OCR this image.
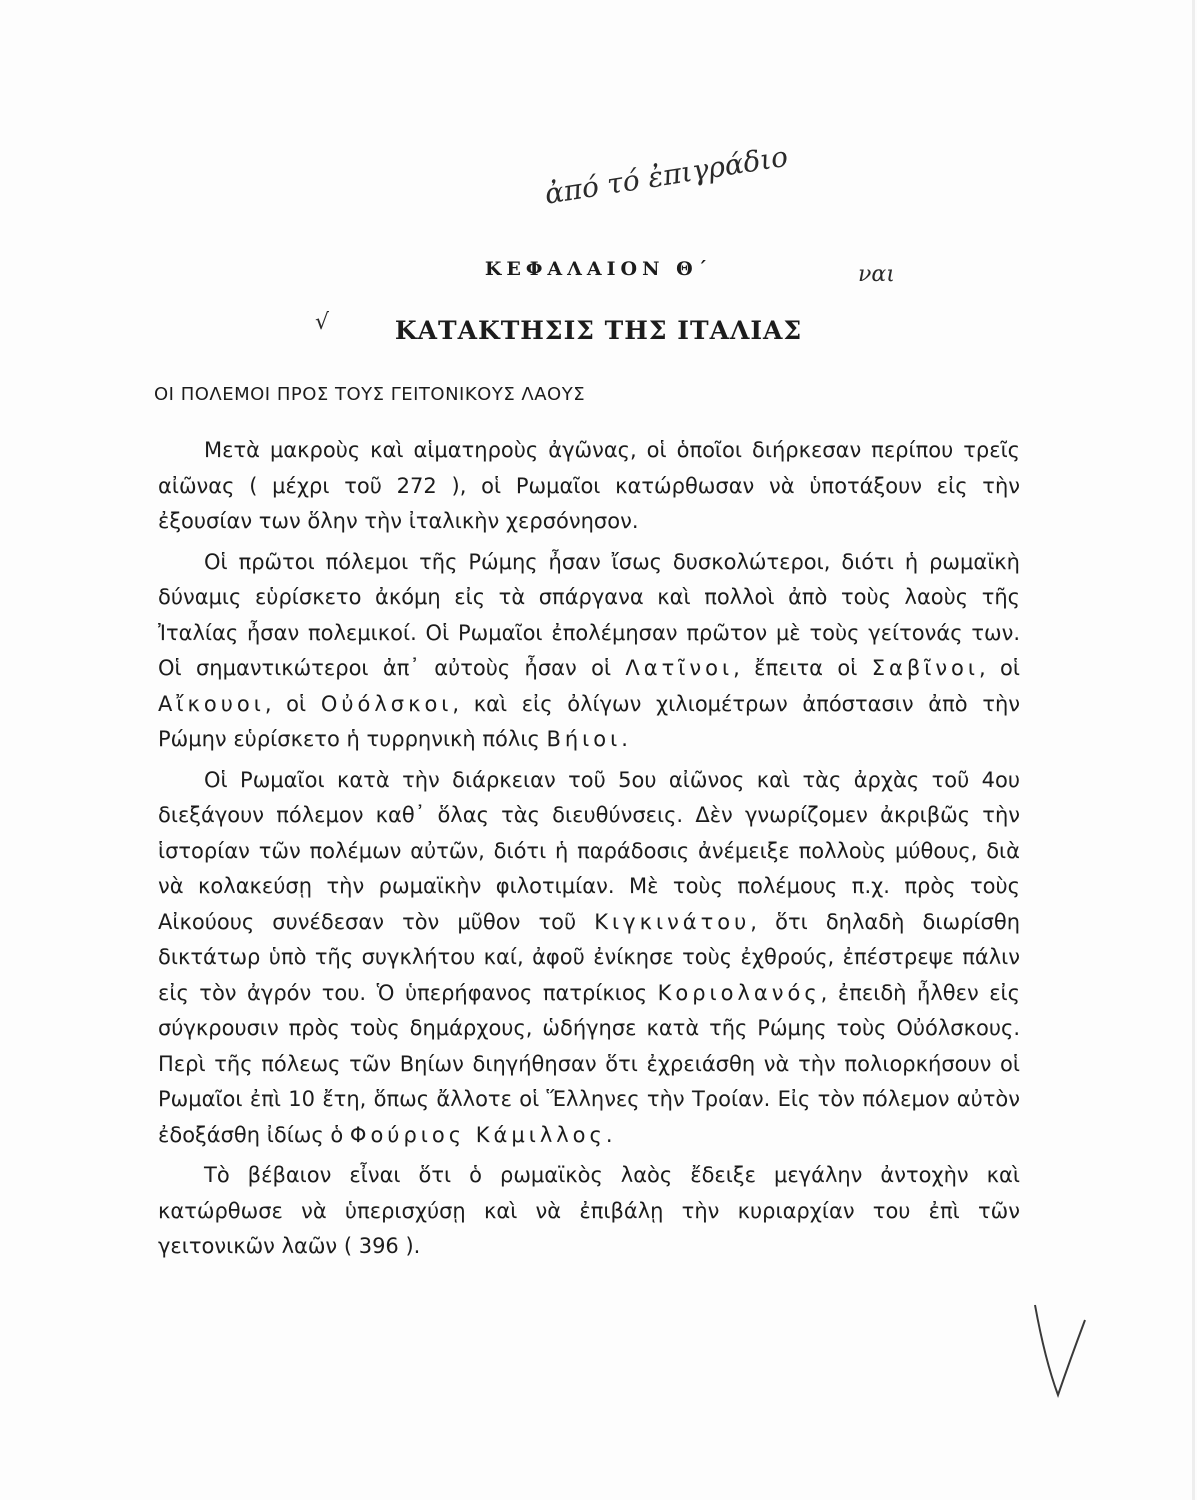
ἀπό τό ἐπιγράδιο
ναι
√
ΚΕΦΑΛΑΙΟΝ Θ΄
ΚΑΤΑΚΤΗΣΙΣ ΤΗΣ ΙΤΑΛΙΑΣ
ΟΙ ΠΟΛΕΜΟΙ ΠΡΟΣ ΤΟΥΣ ΓΕΙΤΟΝΙΚΟΥΣ ΛΑΟΥΣ

Μετὰ μακροὺς καὶ αἱματηροὺς ἀγῶνας, οἱ ὁποῖοι διήρκεσαν περίπου τρεῖς αἰῶνας ( μέχρι τοῦ 272 ), οἱ Ρωμαῖοι κατώρθωσαν νὰ ὑποτάξουν εἰς τὴν ἐξουσίαν των ὅλην τὴν ἰταλικὴν χερσόνησον.

Οἱ πρῶτοι πόλεμοι τῆς Ρώμης ἦσαν ἴσως δυσκολώτεροι, διότι ἡ ρωμαϊκὴ δύναμις εὑρίσκετο ἀκόμη εἰς τὰ σπάργανα καὶ πολλοὶ ἀπὸ τοὺς λαοὺς τῆς Ἰταλίας ἦσαν πολεμικοί. Οἱ Ρωμαῖοι ἐπολέμησαν πρῶτον μὲ τοὺς γείτονάς των. Οἱ σημαντικώτεροι ἀπ᾽ αὐτοὺς ἦσαν οἱ Λατῖνοι, ἔπειτα οἱ Σαβῖνοι, οἱ Αἴκουοι, οἱ Οὐόλσκοι, καὶ εἰς ὀλίγων χιλιομέτρων ἀπόστασιν ἀπὸ τὴν Ρώμην εὑρίσκετο ἡ τυρρηνικὴ πόλις Βήιοι.

Οἱ Ρωμαῖοι κατὰ τὴν διάρκειαν τοῦ 5ου αἰῶνος καὶ τὰς ἀρχὰς τοῦ 4ου διεξάγουν πόλεμον καθ᾽ ὅλας τὰς διευθύνσεις. Δὲν γνωρίζομεν ἀκριβῶς τὴν ἱστορίαν τῶν πολέμων αὐτῶν, διότι ἡ παράδοσις ἀνέμειξε πολλοὺς μύθους, διὰ νὰ κολακεύσῃ τὴν ρωμαϊκὴν φιλοτιμίαν. Μὲ τοὺς πολέμους π.χ. πρὸς τοὺς Αἰκούους συνέδεσαν τὸν μῦθον τοῦ Κιγκινάτου, ὅτι δηλαδὴ διωρίσθη δικτάτωρ ὑπὸ τῆς συγκλήτου καί, ἀφοῦ ἐνίκησε τοὺς ἐχθρούς, ἐπέστρεψε πάλιν εἰς τὸν ἀγρόν του. Ὁ ὑπερήφανος πατρίκιος Κοριολανός, ἐπειδὴ ἦλθεν εἰς σύγκρουσιν πρὸς τοὺς δημάρχους, ὡδήγησε κατὰ τῆς Ρώμης τοὺς Οὐόλσκους. Περὶ τῆς πόλεως τῶν Βηίων διηγήθησαν ὅτι ἐχρειάσθη νὰ τὴν πολιορκήσουν οἱ Ρωμαῖοι ἐπὶ 10 ἔτη, ὅπως ἄλλοτε οἱ Ἕλληνες τὴν Τροίαν. Εἰς τὸν πόλεμον αὐτὸν ἐδοξάσθη ἰδίως ὁ Φούριος Κάμιλλος.

Τὸ βέβαιον εἶναι ὅτι ὁ ρωμαϊκὸς λαὸς ἔδειξε μεγάλην ἀντοχὴν καὶ κατώρθωσε νὰ ὑπερισχύσῃ καὶ νὰ ἐπιβάλῃ τὴν κυριαρχίαν του ἐπὶ τῶν γειτονικῶν λαῶν ( 396 ).
